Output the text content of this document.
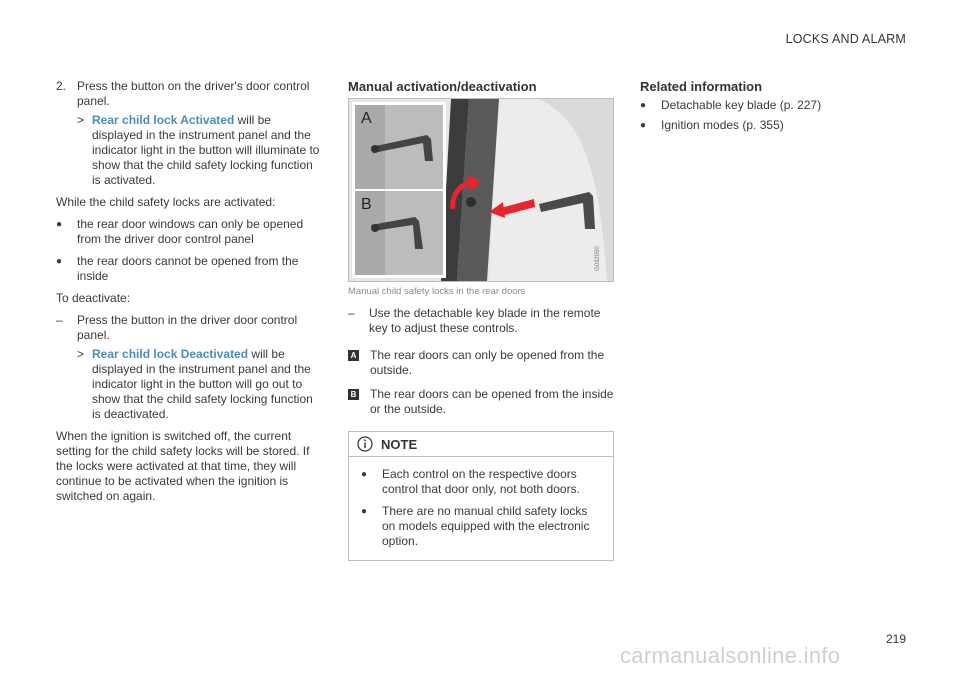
LOCKS AND ALARM
2. Press the button on the driver's door control panel.
> Rear child lock Activated will be displayed in the instrument panel and the indicator light in the button will illuminate to show that the child safety locking function is activated.

While the child safety locks are activated:

●	the rear door windows can only be opened from the driver door control panel
●	the rear doors cannot be opened from the inside

To deactivate:

–	Press the button in the driver door control panel.
> Rear child lock Deactivated will be displayed in the instrument panel and the indicator light in the button will go out to show that the child safety locking function is deactivated.

When the ignition is switched off, the current setting for the child safety locks will be stored. If the locks were activated at that time, they will continue to be activated when the ignition is switched on again.

Manual activation/deactivation
A
B
G032050

Manual child safety locks in the rear doors

–	Use the detachable key blade in the remote key to adjust these controls.
A The rear doors can only be opened from the outside.
B The rear doors can be opened from the inside or the outside.
NOTE
●	Each control on the respective doors control that door only, not both doors.
●	There are no manual child safety locks on models equipped with the electronic option.
Related information
●	Detachable key blade (p. 227)
●	Ignition modes (p. 355)
219
carmanualsonline.info
